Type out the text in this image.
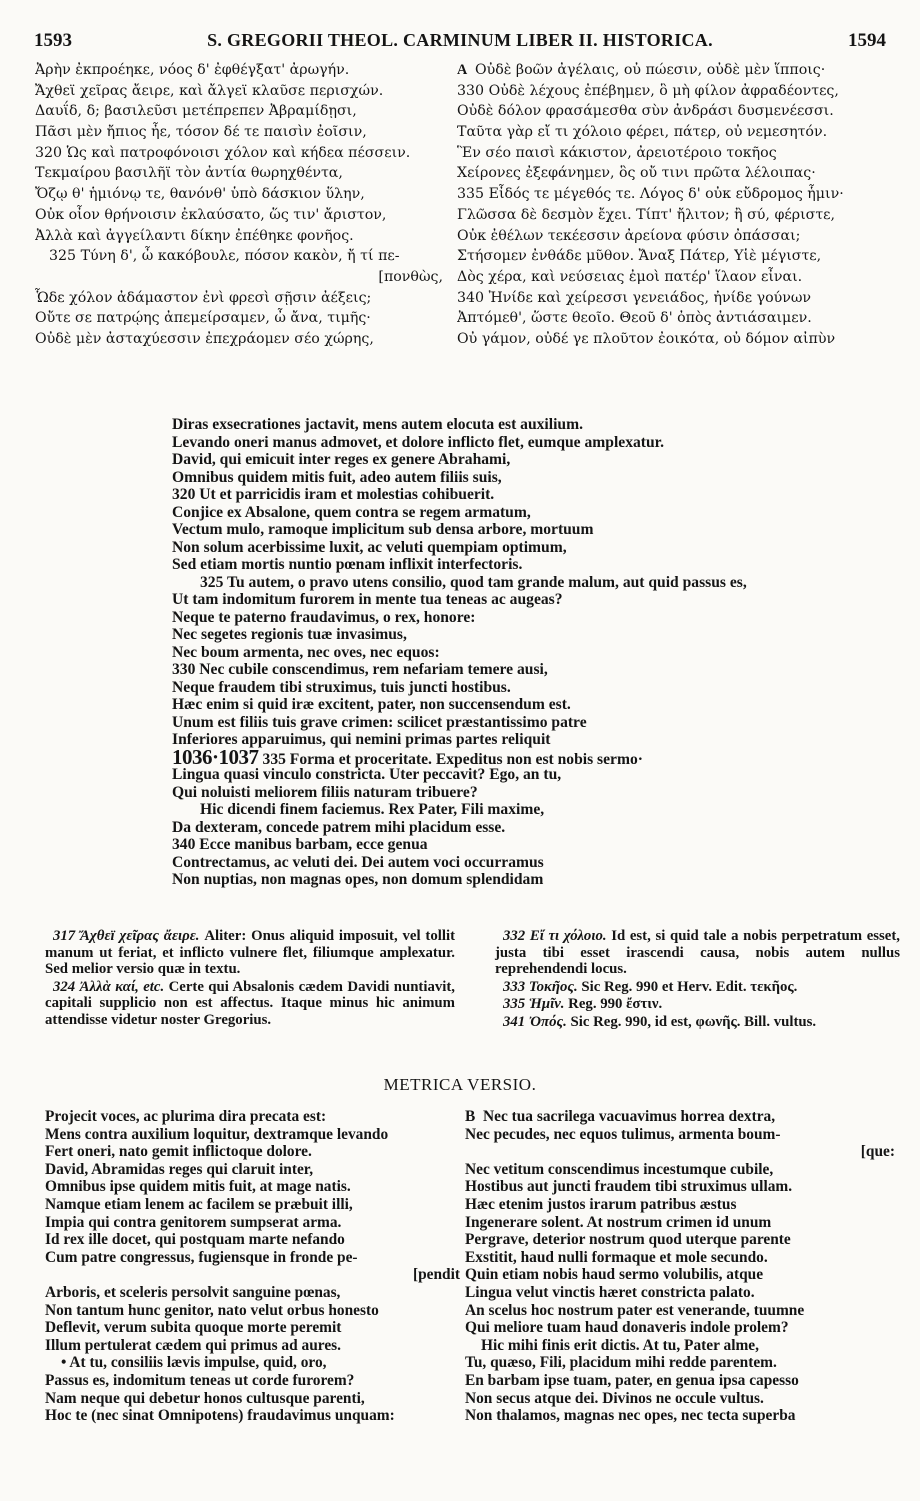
1593	S. GREGORII THEOL. CARMINUM LIBER II. HISTORICA.	1594
Ἀρὴν ἐκπροέηκε, νόος δ' ἐφθέγξατ' ἀρωγήν.
Ἄχθεϊ χεῖρας ἄειρε, καὶ ἄλγεϊ κλαῦσε περισχών.
Δαυΐδ, δ; βασιλεῦσι μετέπρεπεν Ἀβραμίδῃσι,
Πᾶσι μὲν ἤπιος ἦε, τόσον δέ τε παισὶν ἐοῖσιν,
320 Ὡς καὶ πατροφόνοισι χόλον καὶ κήδεα πέσσειν.
Τεκμαίρου βασιλῆϊ τὸν ἀντία θωρηχθέντα,
Ὄζῳ θ' ἡμιόνῳ τε, θανόνθ' ὑπὸ δάσκιον ὕλην,
Οὐκ οἶον θρήνοισιν ἐκλαύσατο, ὥς τιν' ἄριστον,
Ἀλλὰ καὶ ἀγγείλαντι δίκην ἐπέθηκε φονῆος.
325 Τύνη δ', ὦ κακόβουλε, πόσον κακὸν, ἤ τί πε-
[πονθὼς,
Ὧδε χόλον ἀδάμαστον ἐνὶ φρεσὶ σῇσιν ἀέξεις;
Οὔτε σε πατρῴης ἀπεμείρσαμεν, ὦ ἄνα, τιμῆς·
Οὐδὲ μὲν ἀσταχύεσσιν ἐπεχράομεν σέο χώρης,
A Οὐδὲ βοῶν ἀγέλαις, οὐ πώεσιν, οὐδὲ μὲν ἵπποις·
330 Οὐδὲ λέχους ἐπέβημεν, ὃ μὴ φίλον ἀφραδέοντες,
Οὐδὲ δόλον φρασάμεσθα σὺν ἀνδράσι δυσμενέεσσι.
Ταῦτα γὰρ εἴ τι χόλοιο φέρει, πάτερ, οὐ νεμεσητόν.
Ἓν σέο παισὶ κάκιστον, ἀρειοτέροιο τοκῆος
Χείρονες ἐξεφάνημεν, ὃς οὔ τινι πρῶτα λέλοιπας·
335 Εἶδός τε μέγεθός τε. Λόγος δ' οὐκ εὔδρομος ἧμιν·
Γλῶσσα δὲ δεσμὸν ἔχει. Τίπτ' ἤλιτον; ἢ σύ, φέριστε,
Οὐκ ἐθέλων τεκέεσσιν ἀρείονα φύσιν ὀπάσσαι;
Στήσομεν ἐνθάδε μῦθον. Ἄναξ Πάτερ, Υἱὲ μέγιστε,
Δὸς χέρα, καὶ νεύσειας ἐμοὶ πατέρ' ἵλαον εἶναι.
340 Ἠνίδε καὶ χείρεσσι γενειάδος, ἠνίδε γούνων
Ἀπτόμεθ', ὥστε θεοῖο. Θεοῦ δ' ὀπὸς ἀντιάσαιμεν.
Οὐ γάμον, οὐδέ γε πλοῦτον ἐοικότα, οὐ δόμον αἰπὺν
Diras exsecrationes jactavit, mens autem elocuta est auxilium.
Levando oneri manus admovet, et dolore inflicto flet, eumque amplexatur.
David, qui emicuit inter reges ex genere Abrahami,
Omnibus quidem mitis fuit, adeo autem filiis suis,
320 Ut et parricidis iram et molestias cohibuerit.
Conjice ex Absalone, quem contra se regem armatum,
Vectum mulo, ramoque implicitum sub densa arbore, mortuum
Non solum acerbissime luxit, ac veluti quempiam optimum,
Sed etiam mortis nuntio pœnam inflixit interfectoris.
325 Tu autem, o pravo utens consilio, quod tam grande malum, aut quid passus es,
Ut tam indomitum furorem in mente tua teneas ac augeas?
Neque te paterno fraudavimus, o rex, honore:
Nec segetes regionis tuæ invasimus,
Nec boum armenta, nec oves, nec equos:
330 Nec cubile conscendimus, rem nefariam temere ausi,
Neque fraudem tibi struximus, tuis juncti hostibus.
Hæc enim si quid iræ excitent, pater, non succensendum est.
Unum est filiis tuis grave crimen: scilicet præstantissimo patre
Inferiores apparuimus, qui nemini primas partes reliquit
1036·1037 335 Forma et proceritate. Expeditus non est nobis sermo·
Lingua quasi vinculo constricta. Uter peccavit? Ego, an tu,
Qui noluisti meliorem filiis naturam tribuere?
Hic dicendi finem faciemus. Rex Pater, Fili maxime,
Da dexteram, concede patrem mihi placidum esse.
340 Ecce manibus barbam, ecce genua
Contrectamus, ac veluti dei. Dei autem voci occurramus
Non nuptias, non magnas opes, non domum splendidam

317 Ἄχθεϊ χεῖρας ἄειρε. Aliter: Onus aliquid imposuit, vel tollit manum ut feriat, et inflicto vulnere flet, filiumque amplexatur. Sed melior versio quæ in textu.

324 Ἀλλὰ καί, etc. Certe qui Absalonis cædem Davidi nuntiavit, capitali supplicio non est affectus. Itaque minus hic animum attendisse videtur noster Gregorius.

332 Εἴ τι χόλοιο. Id est, si quid tale a nobis perpetratum esset, justa tibi esset irascendi causa, nobis autem nullus reprehendendi locus.

333 Τοκῆος. Sic Reg. 990 et Herv. Edit. τεκῆος.

335 Ἡμῖν. Reg. 990 ἔστιν.

341 Ὀπός. Sic Reg. 990, id est, φωνῆς. Bill. vultus.

METRICA VERSIO.
Projecit voces, ac plurima dira precata est:
Mens contra auxilium loquitur, dextramque levando
Fert oneri, nato gemit inflictoque dolore.
David, Abramidas reges qui claruit inter,
Omnibus ipse quidem mitis fuit, at mage natis.
Namque etiam lenem ac facilem se præbuit illi,
Impia qui contra genitorem sumpserat arma.
Id rex ille docet, qui postquam marte nefando
Cum patre congressus, fugiensque in fronde pe-
[pendit
Arboris, et sceleris persolvit sanguine pœnas,
Non tantum hunc genitor, nato velut orbus honesto
Deflevit, verum subita quoque morte peremit
Illum pertulerat cædem qui primus ad aures.
• At tu, consiliis lævis impulse, quid, oro,
Passus es, indomitum teneas ut corde furorem?
Nam neque qui debetur honos cultusque parenti,
Hoc te (nec sinat Omnipotens) fraudavimus unquam:
B Nec tua sacrilega vacuavimus horrea dextra,
Nec pecudes, nec equos tulimus, armenta boum-
[que:
Nec vetitum conscendimus incestumque cubile,
Hostibus aut juncti fraudem tibi struximus ullam.
Hæc etenim justos irarum patribus æstus
Ingenerare solent. At nostrum crimen id unum
Pergrave, deterior nostrum quod uterque parente
Exstitit, haud nulli formaque et mole secundo.
Quin etiam nobis haud sermo volubilis, atque
Lingua velut vinctis hæret constricta palato.
An scelus hoc nostrum pater est venerande, tuumne
Qui meliore tuam haud donaveris indole prolem?
Hic mihi finis erit dictis. At tu, Pater alme,
Tu, quæso, Fili, placidum mihi redde parentem.
En barbam ipse tuam, pater, en genua ipsa capesso
Non secus atque dei. Divinos ne occule vultus.
Non thalamos, magnas nec opes, nec tecta superba
